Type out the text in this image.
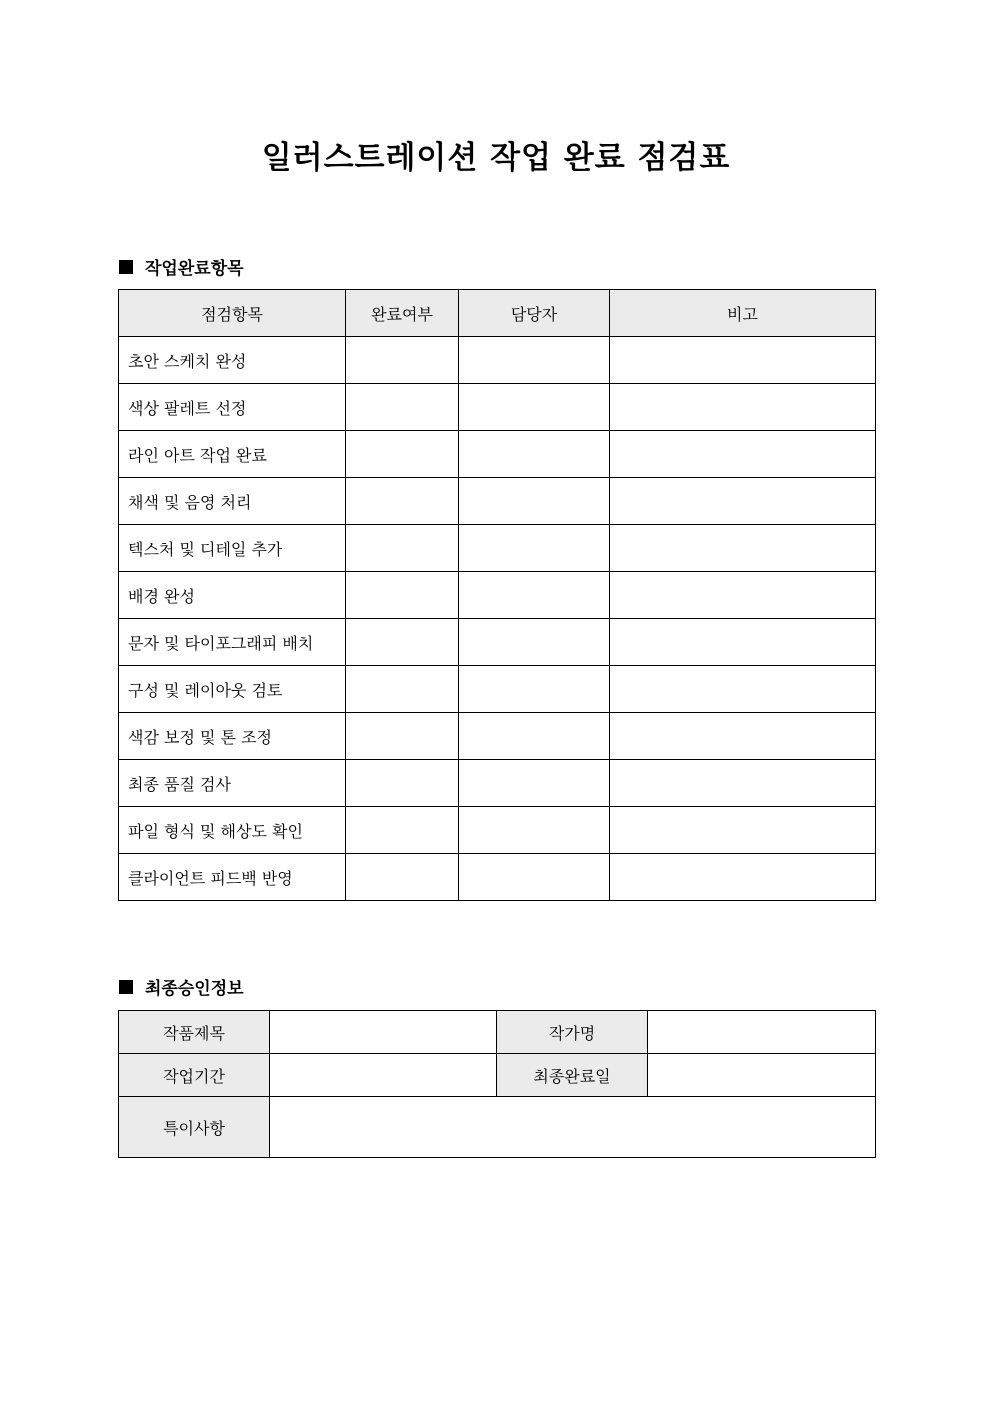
일러스트레이션 작업 완료 점검표
작업완료항목
점검항목	완료여부	담당자	비고
초안 스케치 완성			
색상 팔레트 선정			
라인 아트 작업 완료			
채색 및 음영 처리			
텍스처 및 디테일 추가			
배경 완성			
문자 및 타이포그래피 배치			
구성 및 레이아웃 검토			
색감 보정 및 톤 조정			
최종 품질 검사			
파일 형식 및 해상도 확인			
클라이언트 피드백 반영			
최종승인정보
작품제목		작가명	
작업기간		최종완료일	
특이사항			
